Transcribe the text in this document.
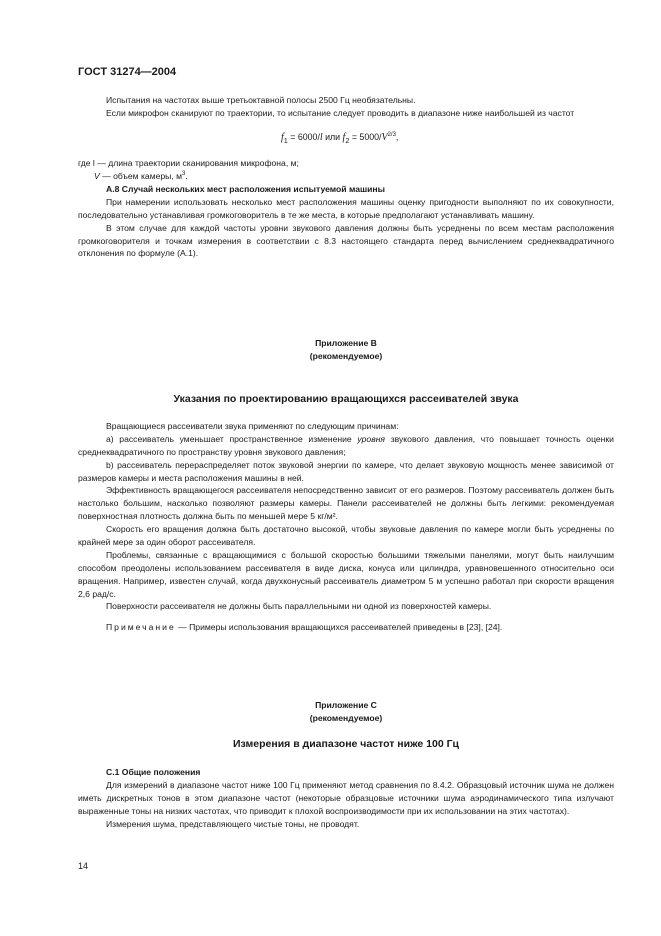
ГОСТ 31274—2004

Испытания на частотах выше третьоктавной полосы 2500 Гц необязательны.

Если микрофон сканируют по траектории, то испытание следует проводить в диапазоне ниже наибольшей из частот

$f_1 = 6000/l$ или $f_2 = 5000/V^{2/3}$,

где l — длина траектории сканирования микрофона, м;

V — объем камеры, $м^3$.

А.8 Случай нескольких мест расположения испытуемой машины

При намерении использовать несколько мест расположения машины оценку пригодности выполняют по их совокупности, последовательно устанавливая громкоговоритель в те же места, в которые предполагают устанавливать машину.

В этом случае для каждой частоты уровни звукового давления должны быть усреднены по всем местам расположения громкоговорителя и точкам измерения в соответствии с 8.3 настоящего стандарта перед вычислением среднеквадратичного отклонения по формуле (А.1).

Приложение В

(рекомендуемое)

Указания по проектированию вращающихся рассеивателей звука

Вращающиеся рассеиватели звука применяют по следующим причинам:

а) рассеиватель уменьшает пространственное изменение уровня звукового давления, что повышает точность оценки среднеквадратичного по пространству уровня звукового давления;

b) рассеиватель перераспределяет поток звуковой энергии по камере, что делает звуковую мощность менее зависимой от размеров камеры и места расположения машины в ней.

Эффективность вращающегося рассеивателя непосредственно зависит от его размеров. Поэтому рассеиватель должен быть настолько большим, насколько позволяют размеры камеры. Панели рассеивателей не должны быть легкими: рекомендуемая поверхностная плотность должна быть по меньшей мере 5 кг/м².

Скорость его вращения должна быть достаточно высокой, чтобы звуковые давления по камере могли быть усреднены по крайней мере за один оборот рассеивателя.

Проблемы, связанные с вращающимися с большой скоростью большими тяжелыми панелями, могут быть наилучшим способом преодолены использованием рассеивателя в виде диска, конуса или цилиндра, уравновешенного относительно оси вращения. Например, известен случай, когда двухконусный рассеиватель диаметром 5 м успешно работал при скорости вращения 2,6 рад/с.

Поверхности рассеивателя не должны быть параллельными ни одной из поверхностей камеры.

Примечание — Примеры использования вращающихся рассеивателей приведены в [23], [24].

Приложение С

(рекомендуемое)

Измерения в диапазоне частот ниже 100 Гц

С.1 Общие положения

Для измерений в диапазоне частот ниже 100 Гц применяют метод сравнения по 8.4.2. Образцовый источник шума не должен иметь дискретных тонов в этом диапазоне частот (некоторые образцовые источники шума аэродинамического типа излучают выраженные тоны на низких частотах, что приводит к плохой воспроизводимости при их использовании на этих частотах).

Измерения шума, представляющего чистые тоны, не проводят.

14
